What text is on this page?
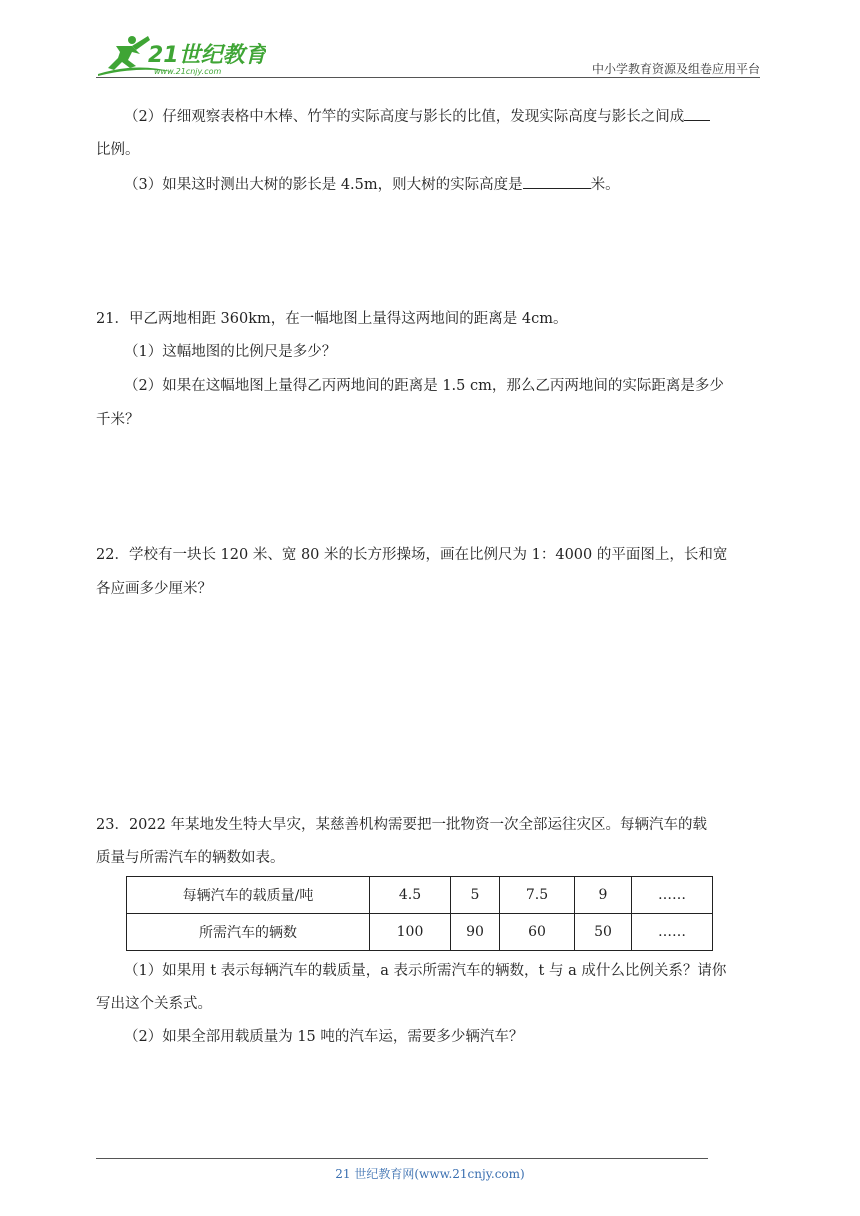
21世纪教育
www.21cnjy.com	中小学教育资源及组卷应用平台
（2）仔细观察表格中木棒、竹竿的实际高度与影长的比值，发现实际高度与影长之间成
比例。
（3）如果这时测出大树的影长是 4.5m，则大树的实际高度是	米。
21．甲乙两地相距 360km，在一幅地图上量得这两地间的距离是 4cm。
（1）这幅地图的比例尺是多少？
（2）如果在这幅地图上量得乙丙两地间的距离是 1.5 cm，那么乙丙两地间的实际距离是多少
千米？
22．学校有一块长 120 米、宽 80 米的长方形操场，画在比例尺为 1：4000 的平面图上，长和宽
各应画多少厘米？
23．2022 年某地发生特大旱灾，某慈善机构需要把一批物资一次全部运往灾区。每辆汽车的载
质量与所需汽车的辆数如表。
每辆汽车的载质量/吨	4.5	5	7.5	9	……
所需汽车的辆数	100	90	60	50	……
（1）如果用 t 表示每辆汽车的载质量，a 表示所需汽车的辆数，t 与 a 成什么比例关系？请你
写出这个关系式。
（2）如果全部用载质量为 15 吨的汽车运，需要多少辆汽车？
21 世纪教育网(www.21cnjy.com)
